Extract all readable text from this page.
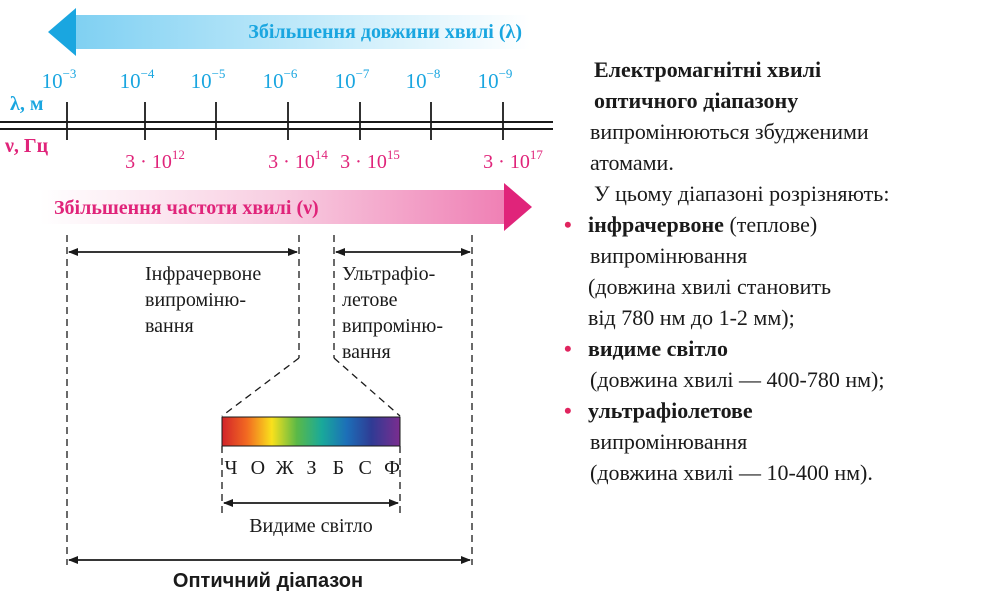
Збільшення довжини хвилі (λ)
λ, м
ν, Гц
$10^{-3}$ $10^{-4}$ $10^{-5}$ $10^{-6}$ $10^{-7}$ $10^{-8}$ $10^{-9}$
$3 \cdot 10^{12}$	$3 \cdot 10^{14}$ $3 \cdot 10^{15}$	$3 \cdot 10^{17}$
Збільшення частоти хвилі (ν)
Інфрачервоне
випроміню-
вання
Ультрафіо-
летове
випроміню-
вання
Ч О Ж З Б С Ф
Видиме світло
Оптичний діапазон
Електромагнітні хвилі
оптичного діапазону
випромінюються збудженими
атомами.
У цьому діапазоні розрізняють:
• інфрачервоне (теплове)
випромінювання
(довжина хвилі становить
від 780 нм до 1-2 мм);
• видиме світло
(довжина хвилі — 400-780 нм);
• ультрафіолетове
випромінювання
(довжина хвилі — 10-400 нм).
